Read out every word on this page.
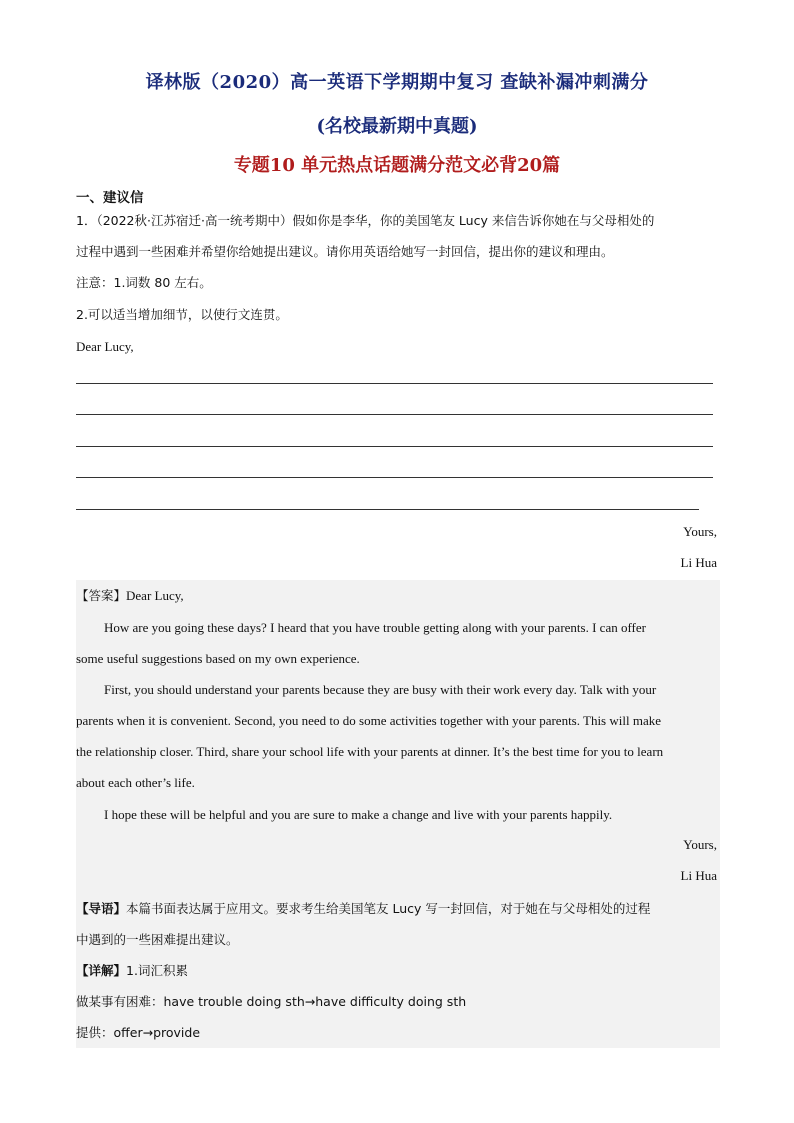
译林版（2020）高一英语下学期期中复习 查缺补漏冲刺满分
(名校最新期中真题)
专题10 单元热点话题满分范文必背20篇
一、建议信
1．（2022秋·江苏宿迁·高一统考期中）假如你是李华，你的美国笔友 Lucy 来信告诉你她在与父母相处的
过程中遇到一些困难并希望你给她提出建议。请你用英语给她写一封回信，提出你的建议和理由。
注意：1.词数 80 左右。
2.可以适当增加细节，以使行文连贯。
Dear Lucy,
Yours,
Li Hua
【答案】Dear Lucy,
How are you going these days? I heard that you have trouble getting along with your parents. I can offer
some useful suggestions based on my own experience.
First, you should understand your parents because they are busy with their work every day. Talk with your
parents when it is convenient. Second, you need to do some activities together with your parents. This will make
the relationship closer. Third, share your school life with your parents at dinner. It’s the best time for you to learn
about each other’s life.
I hope these will be helpful and you are sure to make a change and live with your parents happily.
Yours,
Li Hua
【导语】本篇书面表达属于应用文。要求考生给美国笔友 Lucy 写一封回信，对于她在与父母相处的过程
中遇到的一些困难提出建议。
【详解】1.词汇积累
做某事有困难：have trouble doing sth→have difficulty doing sth
提供：offer→provide
